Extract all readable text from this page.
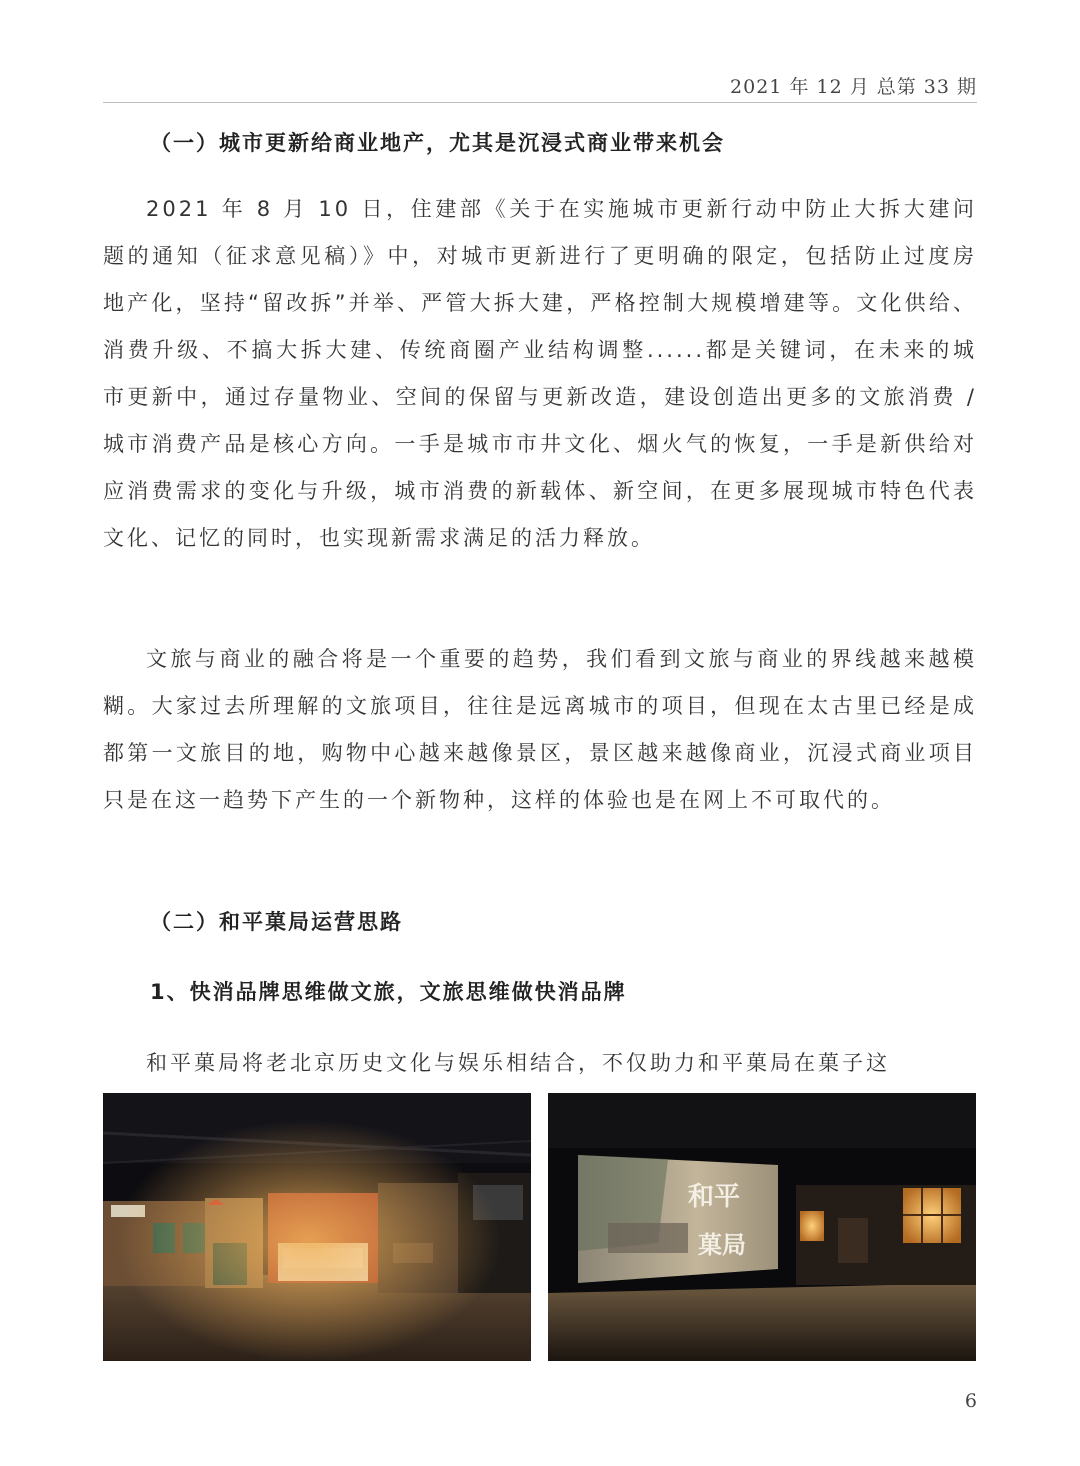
2021 年 12 月 总第 33 期
（一）城市更新给商业地产，尤其是沉浸式商业带来机会

2021 年 8 月 10 日，住建部《关于在实施城市更新行动中防止大拆大建问题的通知（征求意见稿）》中，对城市更新进行了更明确的限定，包括防止过度房地产化，坚持“留改拆”并举、严管大拆大建，严格控制大规模增建等。文化供给、消费升级、不搞大拆大建、传统商圈产业结构调整......都是关键词，在未来的城市更新中，通过存量物业、空间的保留与更新改造，建设创造出更多的文旅消费 / 城市消费产品是核心方向。一手是城市市井文化、烟火气的恢复，一手是新供给对应消费需求的变化与升级，城市消费的新载体、新空间，在更多展现城市特色代表文化、记忆的同时，也实现新需求满足的活力释放。

文旅与商业的融合将是一个重要的趋势，我们看到文旅与商业的界线越来越模糊。大家过去所理解的文旅项目，往往是远离城市的项目，但现在太古里已经是成都第一文旅目的地，购物中心越来越像景区，景区越来越像商业，沉浸式商业项目只是在这一趋势下产生的一个新物种，这样的体验也是在网上不可取代的。

（二）和平菓局运营思路
1、快消品牌思维做文旅，文旅思维做快消品牌

和平菓局将老北京历史文化与娱乐相结合，不仅助力和平菓局在菓子这

和平
菓局
6
